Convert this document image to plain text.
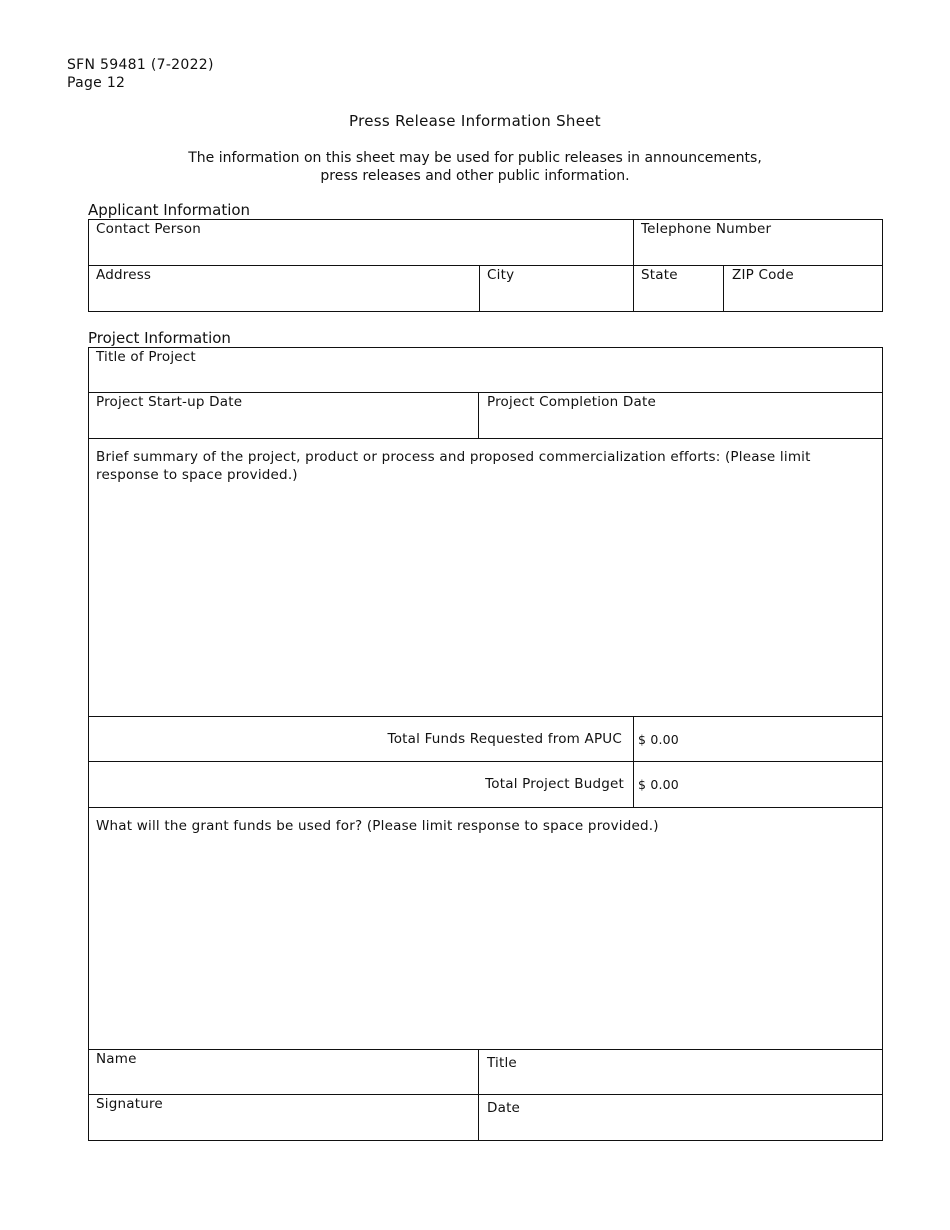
SFN 59481 (7-2022)
Page 12
Press Release Information Sheet
The information on this sheet may be used for public releases in announcements,
press releases and other public information.
Applicant Information
Contact Person	Telephone Number
Address	City	State	ZIP Code
Project Information
Title of Project
Project Start-up Date	Project Completion Date
Brief summary of the project, product or process and proposed commercialization efforts: (Please limit response to space provided.)
Total Funds Requested from APUC $ 0.00
Total Project Budget $ 0.00
What will the grant funds be used for? (Please limit response to space provided.)
Name	Title
Signature	Date
